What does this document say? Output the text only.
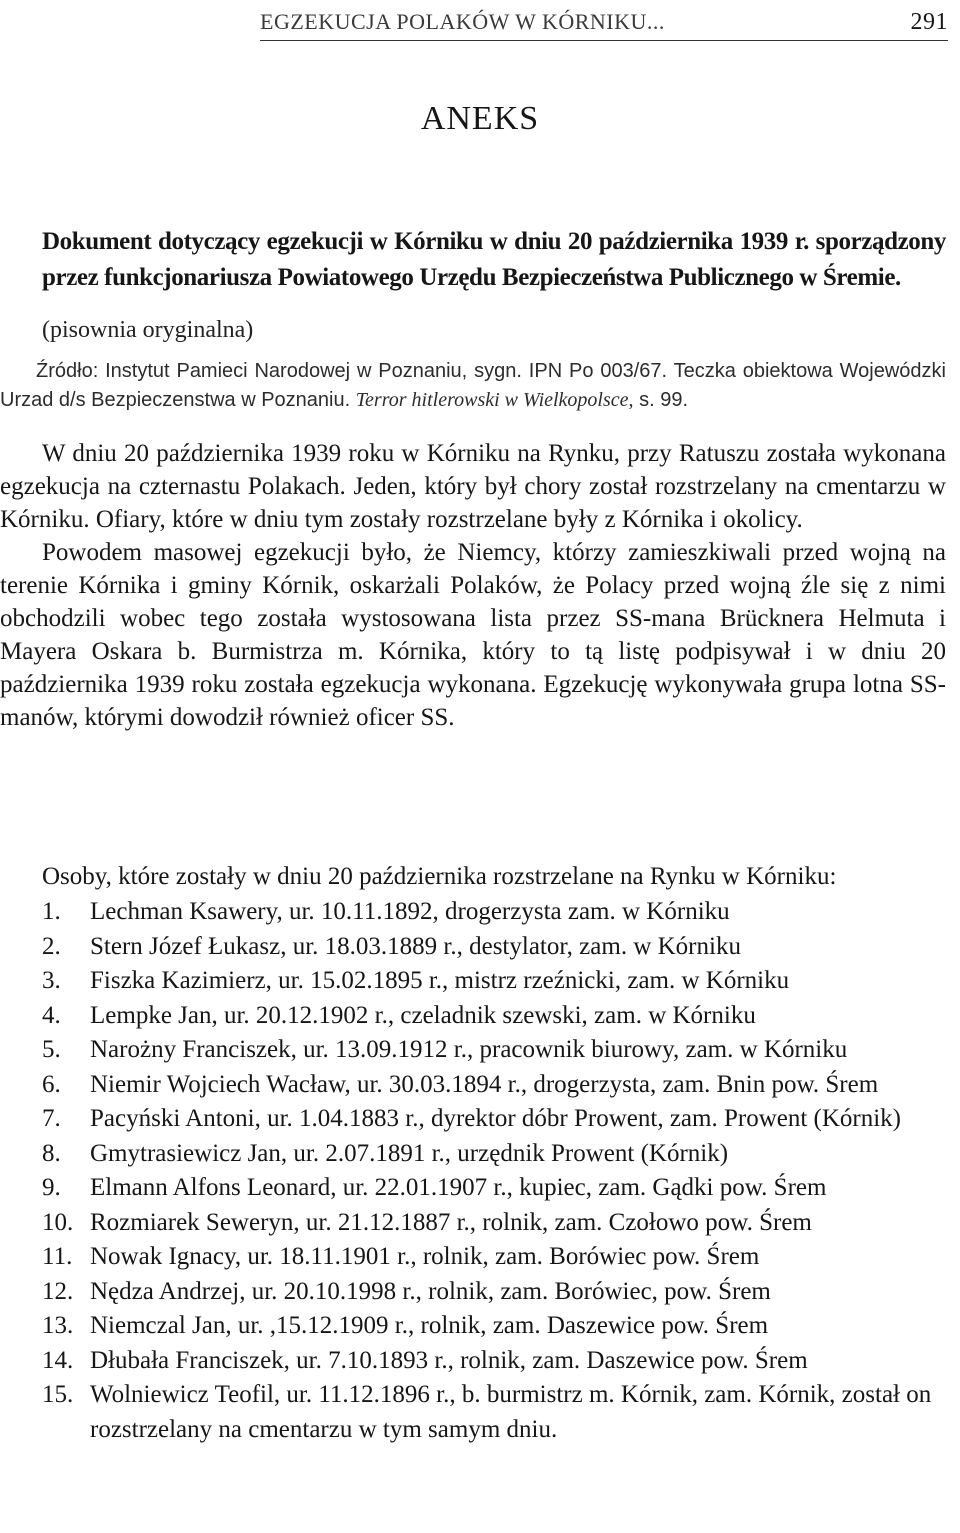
EGZEKUCJA POLAKÓW W KÓRNIKU...	291
ANEKS
Dokument dotyczący egzekucji w Kórniku w dniu 20 października 1939 r. sporządzony przez funkcjonariusza Powiatowego Urzędu Bezpieczeństwa Publicznego w Śremie.
(pisownia oryginalna)

Źródło: Instytut Pamieci Narodowej w Poznaniu, sygn. IPN Po 003/67. Teczka obiektowa Wojewódzki Urzad d/s Bezpieczenstwa w Poznaniu. Terror hitlerowski w Wielkopolsce, s. 99.

W dniu 20 października 1939 roku w Kórniku na Rynku, przy Ratuszu została wykonana egzekucja na czternastu Polakach. Jeden, który był chory został rozstrzelany na cmentarzu w Kórniku. Ofiary, które w dniu tym zostały rozstrzelane były z Kórnika i okolicy.

Powodem masowej egzekucji było, że Niemcy, którzy zamieszkiwali przed wojną na terenie Kórnika i gminy Kórnik, oskarżali Polaków, że Polacy przed wojną źle się z nimi obchodzili wobec tego została wystosowana lista przez SS-mana Brücknera Helmuta i Mayera Oskara b. Burmistrza m. Kórnika, który to tą listę podpisywał i w dniu 20 października 1939 roku została egzekucja wykonana. Egzekucję wykonywała grupa lotna SS-manów, którymi dowodził również oficer SS.

Osoby, które zostały w dniu 20 października rozstrzelane na Rynku w Kórniku:
1. Lechman Ksawery, ur. 10.11.1892, drogerzysta zam. w Kórniku
2. Stern Józef Łukasz, ur. 18.03.1889 r., destylator, zam. w Kórniku
3. Fiszka Kazimierz, ur. 15.02.1895 r., mistrz rzeźnicki, zam. w Kórniku
4. Lempke Jan, ur. 20.12.1902 r., czeladnik szewski, zam. w Kórniku
5. Narożny Franciszek, ur. 13.09.1912 r., pracownik biurowy, zam. w Kórniku
6. Niemir Wojciech Wacław, ur. 30.03.1894 r., drogerzysta, zam. Bnin pow. Śrem
7. Pacyński Antoni, ur. 1.04.1883 r., dyrektor dóbr Prowent, zam. Prowent (Kórnik)
8. Gmytrasiewicz Jan, ur. 2.07.1891 r., urzędnik Prowent (Kórnik)
9. Elmann Alfons Leonard, ur. 22.01.1907 r., kupiec, zam. Gądki pow. Śrem
10. Rozmiarek Seweryn, ur. 21.12.1887 r., rolnik, zam. Czołowo pow. Śrem
11. Nowak Ignacy, ur. 18.11.1901 r., rolnik, zam. Borówiec pow. Śrem
12. Nędza Andrzej, ur. 20.10.1998 r., rolnik, zam. Borówiec, pow. Śrem
13. Niemczal Jan, ur. ,15.12.1909 r., rolnik, zam. Daszewice pow. Śrem
14. Dłubała Franciszek, ur. 7.10.1893 r., rolnik, zam. Daszewice pow. Śrem
15. Wolniewicz Teofil, ur. 11.12.1896 r., b. burmistrz m. Kórnik, zam. Kórnik, został on rozstrzelany na cmentarzu w tym samym dniu.
